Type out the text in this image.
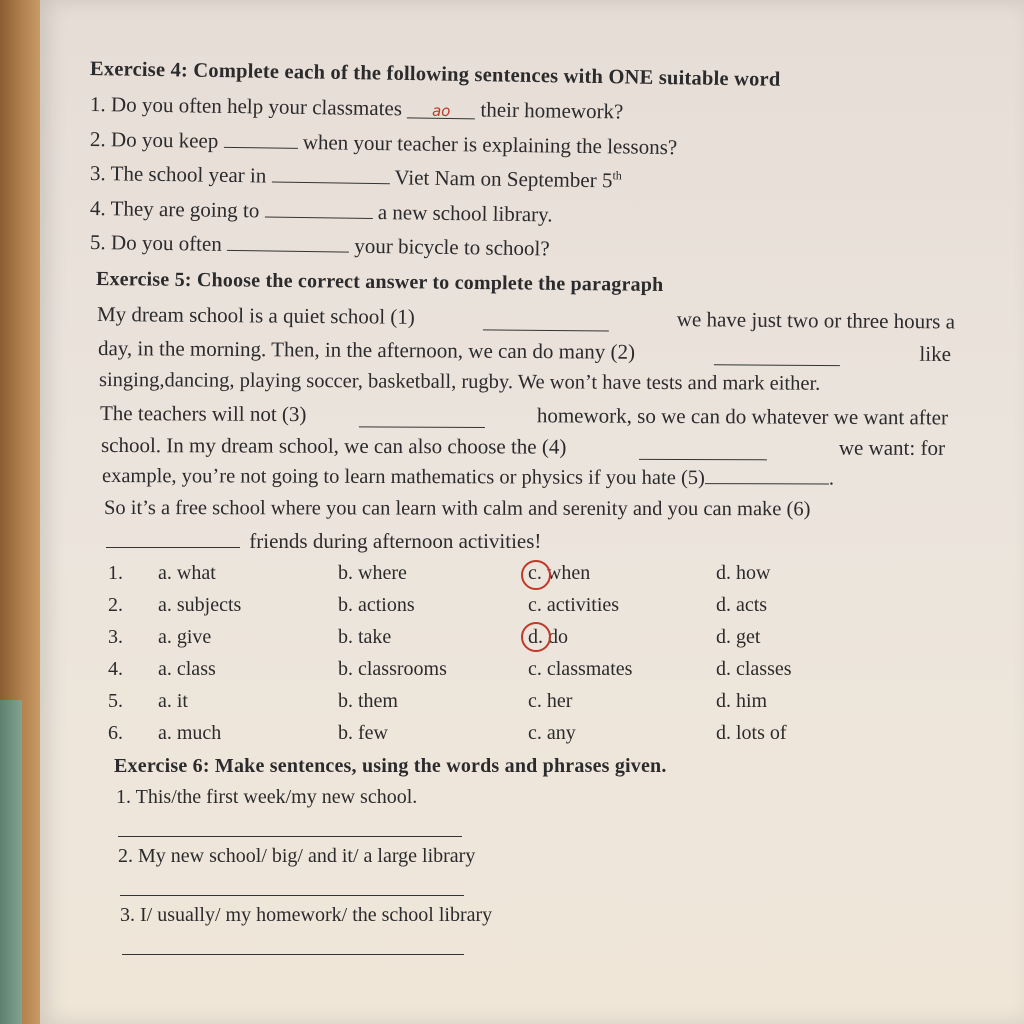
Exercise 4: Complete each of the following sentences with ONE suitable word
1. Do you often help your classmates ao their homework?
2. Do you keep	when your teacher is explaining the lessons?
3. The school year in	Viet Nam on September 5th
4. They are going to	a new school library.
5. Do you often	your bicycle to school?
Exercise 5: Choose the correct answer to complete the paragraph
My dream school is a quiet school (1)	we have just two or three hours a
day, in the morning. Then, in the afternoon, we can do many (2)	like
singing,dancing, playing soccer, basketball, rugby. We won’t have tests and mark either.
The teachers will not (3)	homework, so we can do whatever we want after
school. In my dream school, we can also choose the (4)	we want: for
example, you’re not going to learn mathematics or physics if you hate (5)	.
So it’s a free school where you can learn with calm and serenity and you can make (6)
friends during afternoon activities!
1. a. what	b. where	c. when	d. how
2. a. subjects	b. actions	c. activities	d. acts
3. a. give	b. take	d. do	d. get
4. a. class	b. classrooms	c. classmates	d. classes
5. a. it	b. them	c. her	d. him
6. a. much	b. few	c. any	d. lots of
Exercise 6: Make sentences, using the words and phrases given.
1. This/the first week/my new school.
2. My new school/ big/ and it/ a large library
3. I/ usually/ my homework/ the school library
